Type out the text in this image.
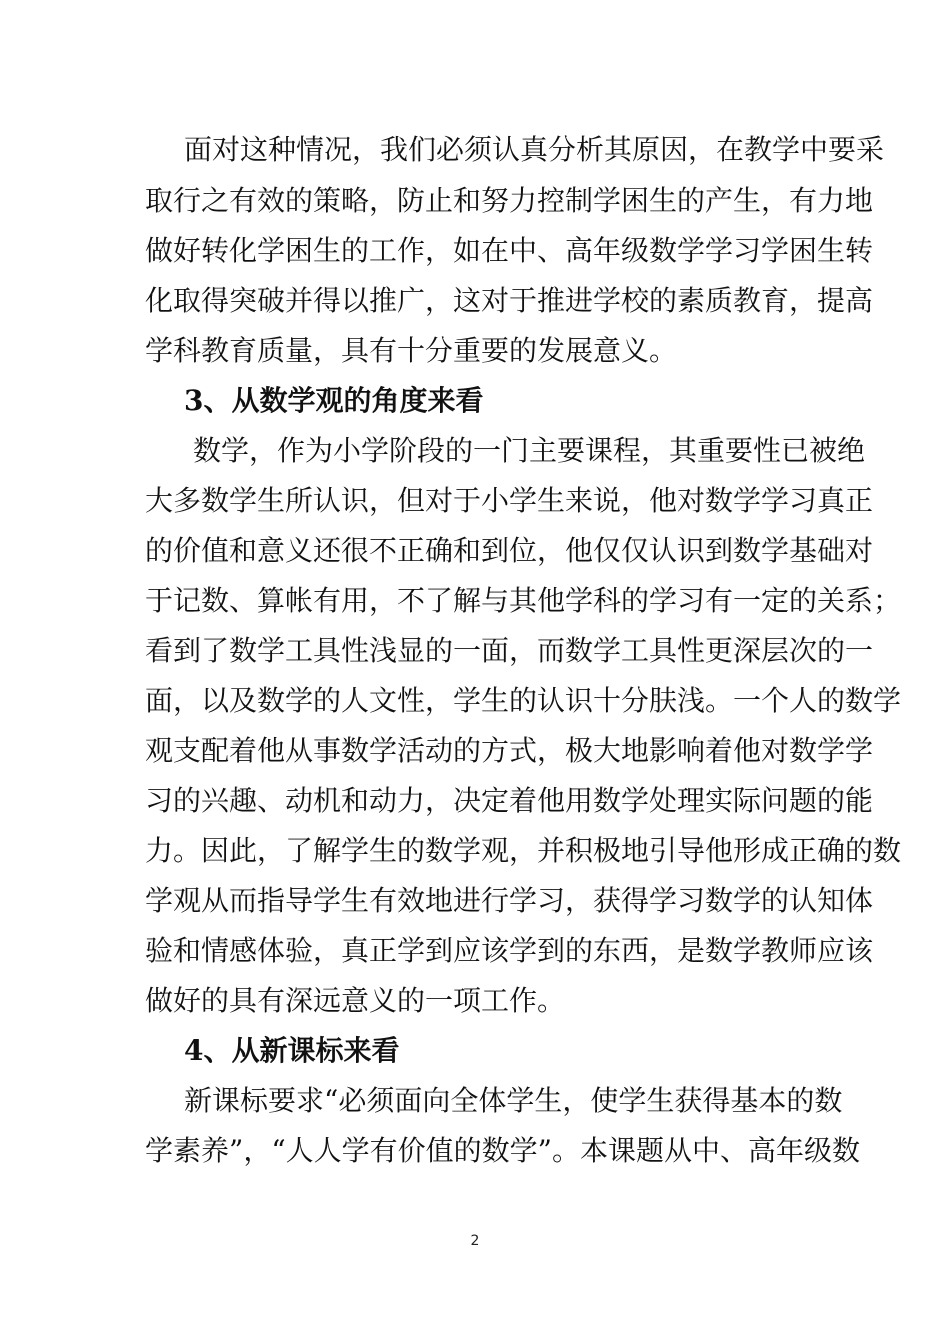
面对这种情况，我们必须认真分析其原因，在教学中要采
取行之有效的策略，防止和努力控制学困生的产生，有力地
做好转化学困生的工作，如在中、高年级数学学习学困生转
化取得突破并得以推广，这对于推进学校的素质教育，提高
学科教育质量，具有十分重要的发展意义。
3、从数学观的角度来看
数学，作为小学阶段的一门主要课程，其重要性已被绝
大多数学生所认识，但对于小学生来说，他对数学学习真正
的价值和意义还很不正确和到位，他仅仅认识到数学基础对
于记数、算帐有用，不了解与其他学科的学习有一定的关系；
看到了数学工具性浅显的一面，而数学工具性更深层次的一
面，以及数学的人文性，学生的认识十分肤浅。一个人的数学
观支配着他从事数学活动的方式，极大地影响着他对数学学
习的兴趣、动机和动力，决定着他用数学处理实际问题的能
力。因此，了解学生的数学观，并积极地引导他形成正确的数
学观从而指导学生有效地进行学习，获得学习数学的认知体
验和情感体验，真正学到应该学到的东西，是数学教师应该
做好的具有深远意义的一项工作。
4、从新课标来看
新课标要求“必须面向全体学生，使学生获得基本的数
学素养”，“人人学有价值的数学”。本课题从中、高年级数
2
